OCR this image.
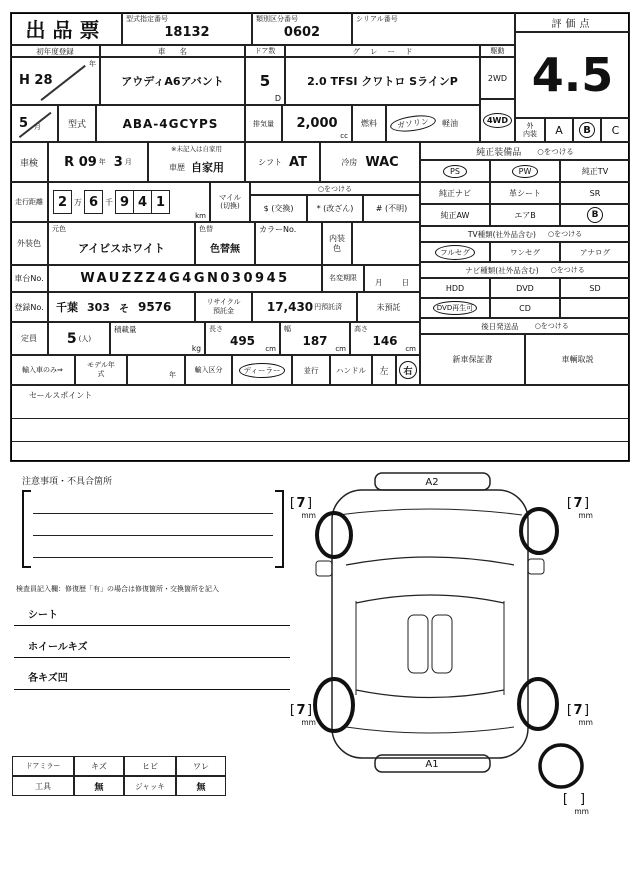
出品票	型式指定番号
18132
類別区分番号
0602
シリアル番号	評価点
4.5
外
内装 A	B	C
初年度登録
年
H 28
5 月
車名
アウディA6アバント
ドア数
5
D
グレード
2.0 TFSI クワトロ SラインP
駆動
2WD
4WD
型式	ABA-4GCYPS	排気量 2,000
cc
燃料	ガソリン	軽油
車検 R 09 年 3 月
※未記入は自家用
車歴 自家用	シフト AT	冷房 WAC
走行距離	2 万 6 千 9 4 1
km
マイル
(切換)
○をつける
$ (交換)	* (改ざん)	# (不明)
外装色
元色
アイビスホワイト
色替
色替無
カラーNo.
内装色
車台No.	WAUZZZ4G4GN030945	名変期限 月	日
登録No. 千葉 303 そ 9576	リサイクル
預託金	17,430 円預託済	未預託
定員 5 (人)
積載量
kg
長さ
495
cm
幅
187
cm
高さ
146
cm
輸入車のみ⇒
モデル年式	年
輸入区分	ディーラー	並行 ハンドル 左	右
セールスポイント
純正装備品 ○をつける
PS	PW	純正TV
純正ナビ	革シート	SR
純正AW	エアB	B
TV種類(社外品含む) ○をつける
フルセグ	ワンセグ	アナログ
ナビ種類(社外品含む) ○をつける
HDD	DVD	SD
DVD再生可	CD
後日発送品 ○をつける
新車保証書	車輌取説
注意事項・不具合箇所
検査員記入欄：修復歴「有」の場合は修復箇所・交換箇所を記入
シート
ホイールキズ
各キズ凹
ドアミラー	キズ	ヒビ	ワレ
工具	無	ジャッキ	無
A2
A1
[7]
mm
[7]
mm
[7]
mm
[7]
mm
[ ]
mm
